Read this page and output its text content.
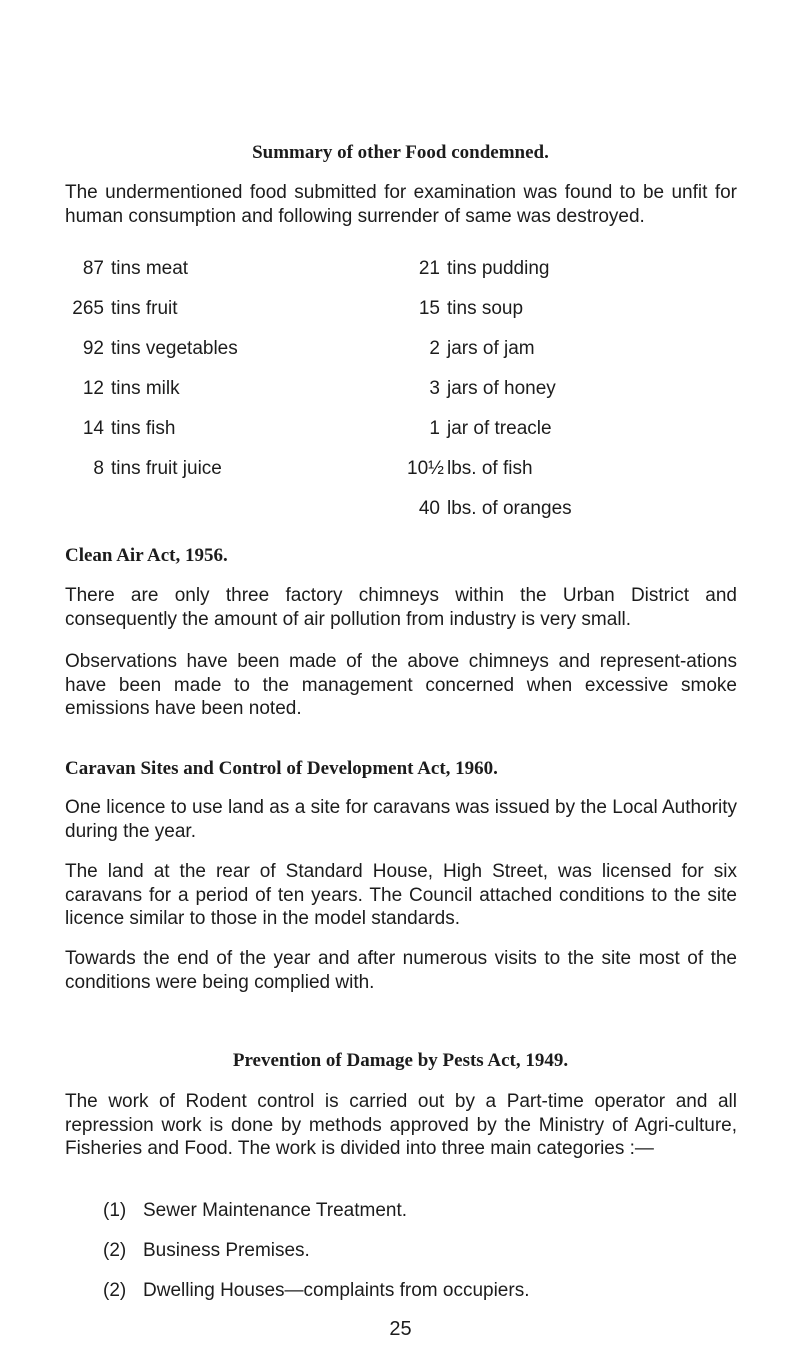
Summary of other Food condemned.

The undermentioned food submitted for examination was found to be unfit for human consumption and following surrender of same was destroyed.

87 tins meat
265 tins fruit
92 tins vegetables
12 tins milk
14 tins fish
8 tins fruit juice
21 tins pudding
15 tins soup
2 jars of jam
3 jars of honey
1 jar of treacle
10½ lbs. of fish
40 lbs. of oranges
Clean Air Act, 1956.

There are only three factory chimneys within the Urban District and consequently the amount of air pollution from industry is very small.

Observations have been made of the above chimneys and represent-ations have been made to the management concerned when excessive smoke emissions have been noted.

Caravan Sites and Control of Development Act, 1960.

One licence to use land as a site for caravans was issued by the Local Authority during the year.

The land at the rear of Standard House, High Street, was licensed for six caravans for a period of ten years. The Council attached conditions to the site licence similar to those in the model standards.

Towards the end of the year and after numerous visits to the site most of the conditions were being complied with.

Prevention of Damage by Pests Act, 1949.

The work of Rodent control is carried out by a Part-time operator and all repression work is done by methods approved by the Ministry of Agri-culture, Fisheries and Food. The work is divided into three main categories :—

(1) Sewer Maintenance Treatment.
(2) Business Premises.
(2) Dwelling Houses—complaints from occupiers.
25
